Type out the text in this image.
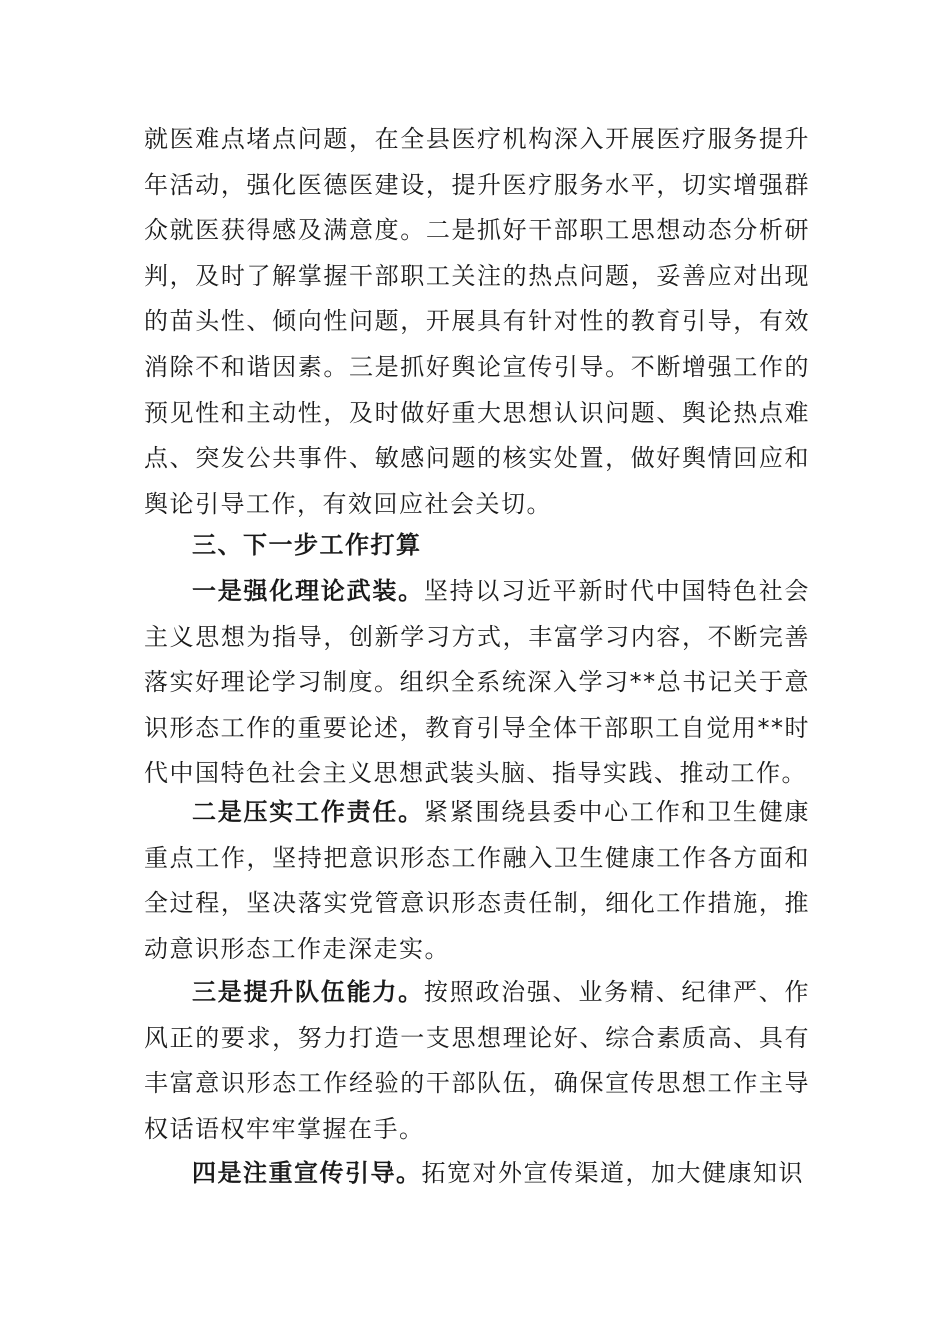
就医难点堵点问题，在全县医疗机构深入开展医疗服务提升年活动，强化医德医建设，提升医疗服务水平，切实增强群众就医获得感及满意度。二是抓好干部职工思想动态分析研判，及时了解掌握干部职工关注的热点问题，妥善应对出现的苗头性、倾向性问题，开展具有针对性的教育引导，有效消除不和谐因素。三是抓好舆论宣传引导。不断增强工作的预见性和主动性，及时做好重大思想认识问题、舆论热点难点、突发公共事件、敏感问题的核实处置，做好舆情回应和舆论引导工作，有效回应社会关切。

三、下一步工作打算

一是强化理论武装。坚持以习近平新时代中国特色社会主义思想为指导，创新学习方式，丰富学习内容，不断完善落实好理论学习制度。组织全系统深入学习**总书记关于意识形态工作的重要论述，教育引导全体干部职工自觉用**时代中国特色社会主义思想武装头脑、指导实践、推动工作。

二是压实工作责任。紧紧围绕县委中心工作和卫生健康重点工作，坚持把意识形态工作融入卫生健康工作各方面和全过程，坚决落实党管意识形态责任制，细化工作措施，推动意识形态工作走深走实。

三是提升队伍能力。按照政治强、业务精、纪律严、作风正的要求，努力打造一支思想理论好、综合素质高、具有丰富意识形态工作经验的干部队伍，确保宣传思想工作主导权话语权牢牢掌握在手。

四是注重宣传引导。拓宽对外宣传渠道，加大健康知识
